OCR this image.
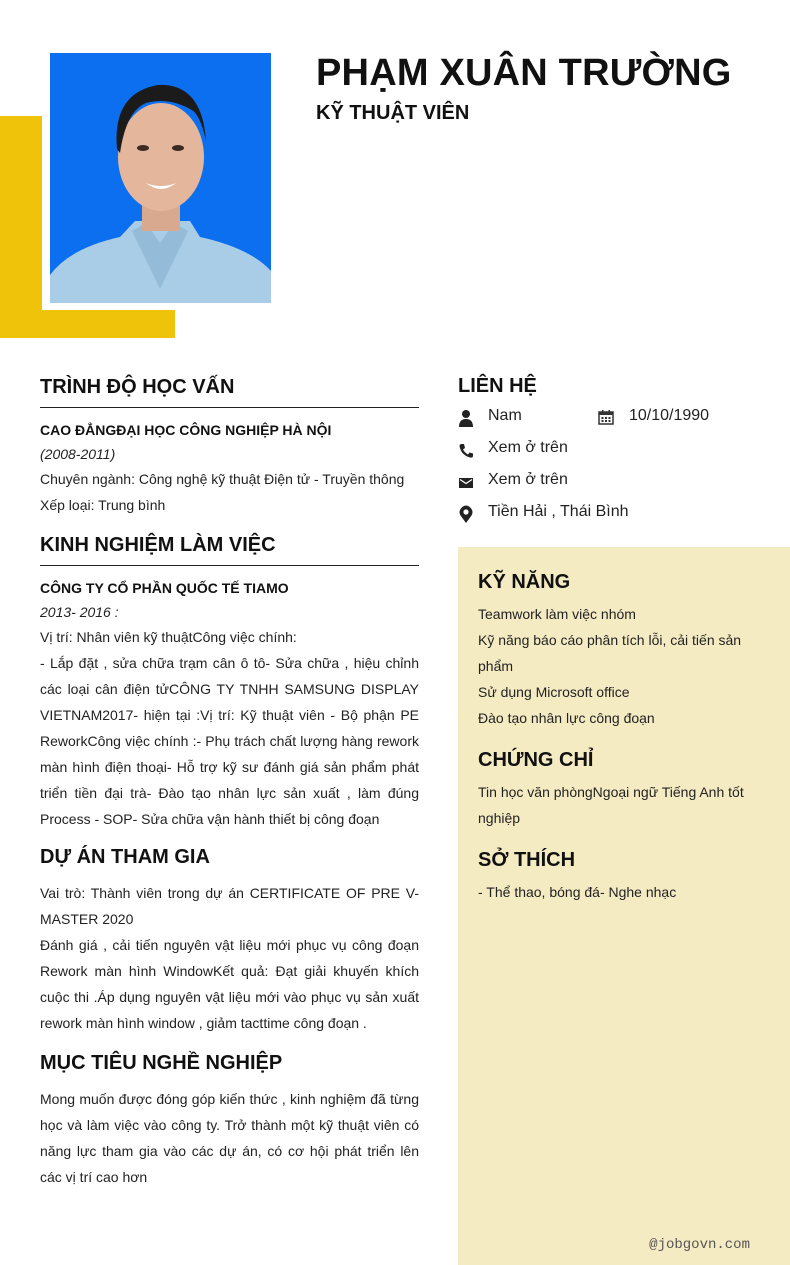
PHẠM XUÂN TRƯỜNG
KỸ THUẬT VIÊN
TRÌNH ĐỘ HỌC VẤN
CAO ĐẲNGĐẠI HỌC CÔNG NGHIỆP HÀ NỘI
(2008-2011)
Chuyên ngành: Công nghệ kỹ thuật Điện tử - Truyền thông
Xếp loại: Trung bình
KINH NGHIỆM LÀM VIỆC
CÔNG TY CỔ PHẦN QUỐC TẾ TIAMO
2013- 2016 :
Vị trí: Nhân viên kỹ thuậtCông việc chính:
- Lắp đặt , sửa chữa trạm cân ô tô- Sửa chữa , hiệu chỉnh các loại cân điện tửCÔNG TY TNHH SAMSUNG DISPLAY VIETNAM2017- hiện tại :Vị trí: Kỹ thuật viên - Bộ phận PE ReworkCông việc chính :- Phụ trách chất lượng hàng rework màn hình điện thoại- Hỗ trợ kỹ sư đánh giá sản phẩm phát triển tiền đại trà- Đào tạo nhân lực sản xuất , làm đúng Process - SOP- Sửa chữa vận hành thiết bị công đoạn
DỰ ÁN THAM GIA
Vai trò: Thành viên trong dự án CERTIFICATE OF PRE V-MASTER 2020
Đánh giá , cải tiến nguyên vật liệu mới phục vụ công đoạn Rework màn hình WindowKết quả: Đạt giải khuyến khích cuộc thi .Áp dụng nguyên vật liệu mới vào phục vụ sản xuất rework màn hình window , giảm tacttime công đoạn .
MỤC TIÊU NGHỀ NGHIỆP
Mong muốn được đóng góp kiến thức , kinh nghiệm đã từng học và làm việc vào công ty. Trở thành một kỹ thuật viên có năng lực tham gia vào các dự án, có cơ hội phát triển lên các vị trí cao hơn
LIÊN HỆ
Nam	10/10/1990
Xem ở trên
Xem ở trên
Tiền Hải , Thái Bình
KỸ NĂNG
Teamwork làm việc nhóm
Kỹ năng báo cáo phân tích lỗi, cải tiến sản phẩm
Sử dụng Microsoft office
Đào tạo nhân lực công đoạn
CHỨNG CHỈ
Tin học văn phòngNgoại ngữ Tiếng Anh tốt nghiệp
SỞ THÍCH
- Thể thao, bóng đá- Nghe nhạc
@jobgovn.com
